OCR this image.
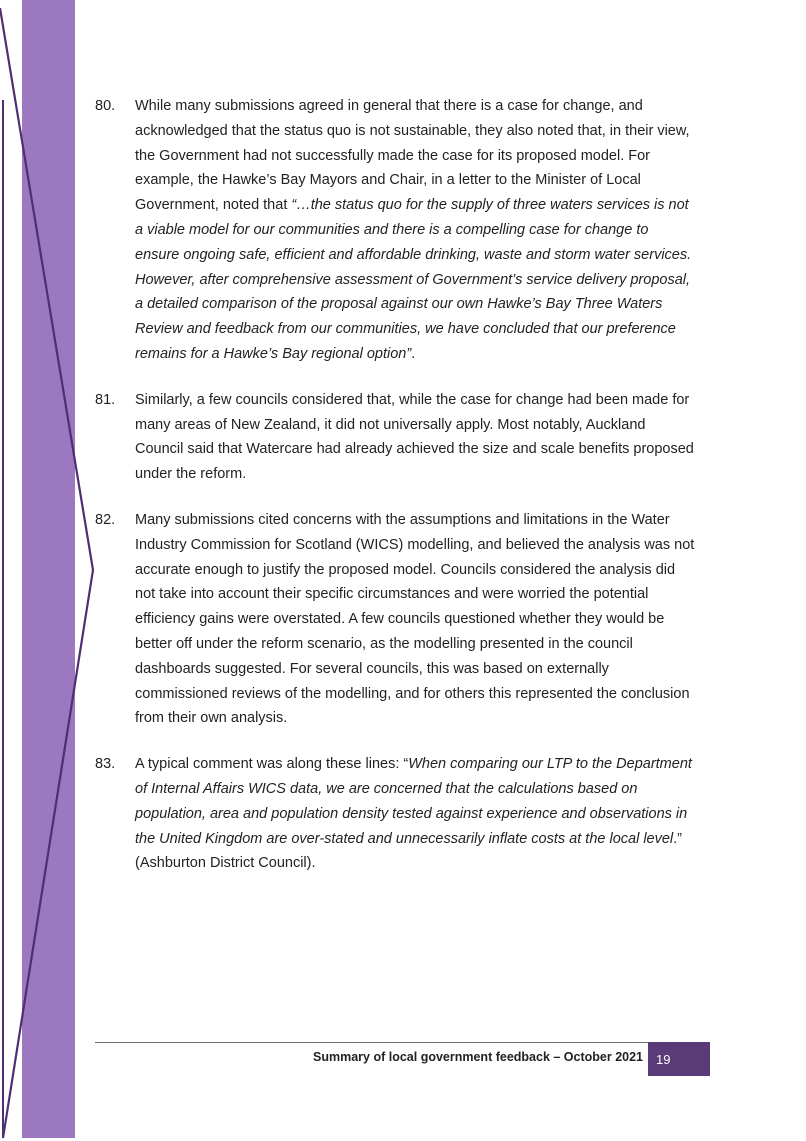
80.	While many submissions agreed in general that there is a case for change, and acknowledged that the status quo is not sustainable, they also noted that, in their view, the Government had not successfully made the case for its proposed model. For example, the Hawke’s Bay Mayors and Chair, in a letter to the Minister of Local Government, noted that “…the status quo for the supply of three waters services is not a viable model for our communities and there is a compelling case for change to ensure ongoing safe, efficient and affordable drinking, waste and storm water services. However, after comprehensive assessment of Government’s service delivery proposal, a detailed comparison of the proposal against our own Hawke’s Bay Three Waters Review and feedback from our communities, we have concluded that our preference remains for a Hawke’s Bay regional option”.
81.	Similarly, a few councils considered that, while the case for change had been made for many areas of New Zealand, it did not universally apply. Most notably, Auckland Council said that Watercare had already achieved the size and scale benefits proposed under the reform.
82.	Many submissions cited concerns with the assumptions and limitations in the Water Industry Commission for Scotland (WICS) modelling, and believed the analysis was not accurate enough to justify the proposed model. Councils considered the analysis did not take into account their specific circumstances and were worried the potential efficiency gains were overstated. A few councils questioned whether they would be better off under the reform scenario, as the modelling presented in the council dashboards suggested. For several councils, this was based on externally commissioned reviews of the modelling, and for others this represented the conclusion from their own analysis.
83.	A typical comment was along these lines: “When comparing our LTP to the Department of Internal Affairs WICS data, we are concerned that the calculations based on population, area and population density tested against experience and observations in the United Kingdom are over-stated and unnecessarily inflate costs at the local level.” (Ashburton District Council).
Summary of local government feedback – October 2021	19
